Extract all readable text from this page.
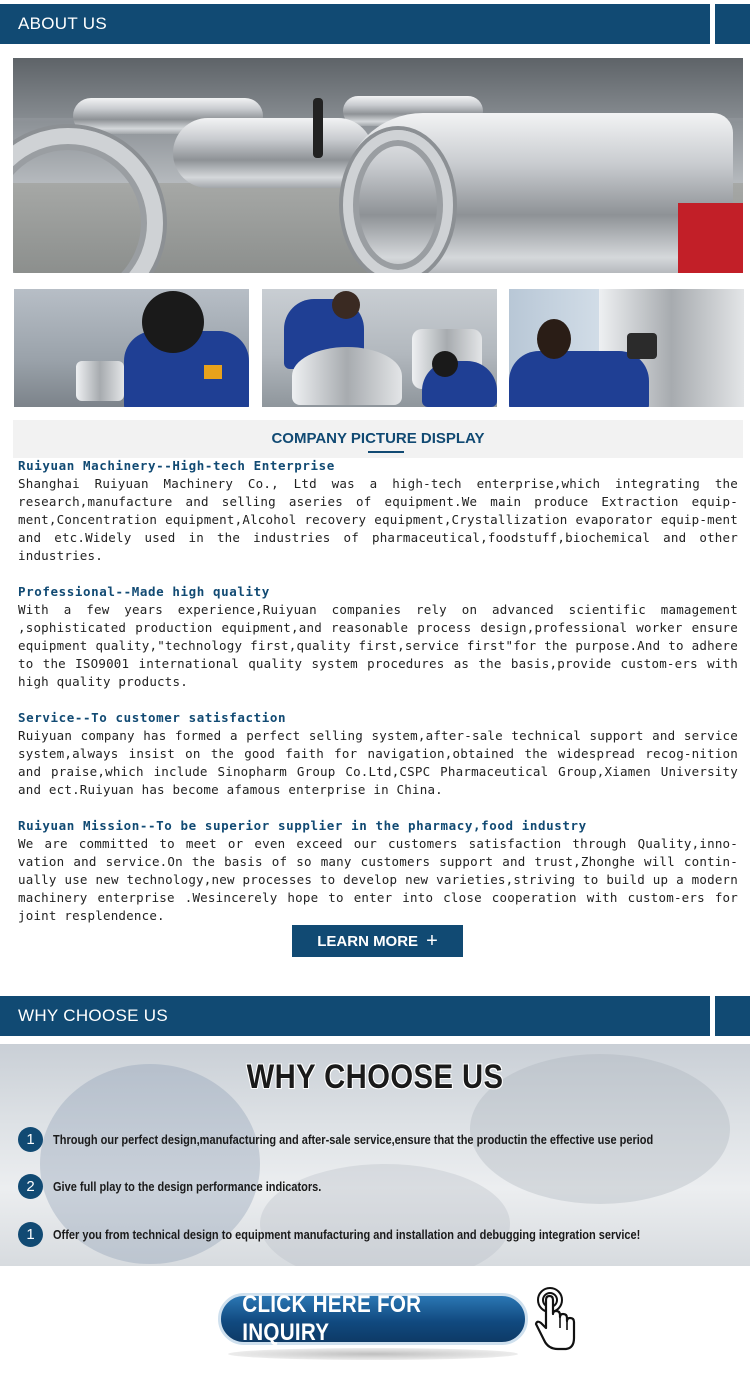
ABOUT US
COMPANY PICTURE DISPLAY
Ruiyuan Machinery--High-tech Enterprise
Shanghai Ruiyuan Machinery Co., Ltd was a high-tech enterprise,which integrating the research,manufacture and selling aseries of equipment.We main produce Extraction equip-ment,Concentration equipment,Alcohol recovery equipment,Crystallization evaporator equip-ment and etc.Widely used in the industries of pharmaceutical,foodstuff,biochemical and other industries.
Professional--Made high quality
With a few years experience,Ruiyuan companies rely on advanced scientific mamagement ,sophisticated production equipment,and reasonable process design,professional worker ensure equipment quality,"technology first,quality first,service first"for the purpose.And to adhere to the ISO9001 international quality system procedures as the basis,provide custom-ers with high quality products.
Service--To customer satisfaction
Ruiyuan company has formed a perfect selling system,after-sale technical support and service system,always insist on the good faith for navigation,obtained the widespread recog-nition and praise,which include Sinopharm Group Co.Ltd,CSPC Pharmaceutical Group,Xiamen University and ect.Ruiyuan has become afamous enterprise in China.
Ruiyuan Mission--To be superior supplier in the pharmacy,food industry
We are committed to meet or even exceed our customers satisfaction through Quality,inno-vation and service.On the basis of so many customers support and trust,Zhonghe will contin-ually use new technology,new processes to develop new varieties,striving to build up a modern machinery enterprise .Wesincerely hope to enter into close cooperation with custom-ers for joint resplendence.
LEARN MORE +
WHY CHOOSE US
WHY CHOOSE US
1	Through our perfect design,manufacturing and after-sale service,ensure that the productin the effective use period
2	Give full play to the design performance indicators.
1	Offer you from technical design to equipment manufacturing and installation and debugging integration service!
CLICK HERE FOR INQUIRY
